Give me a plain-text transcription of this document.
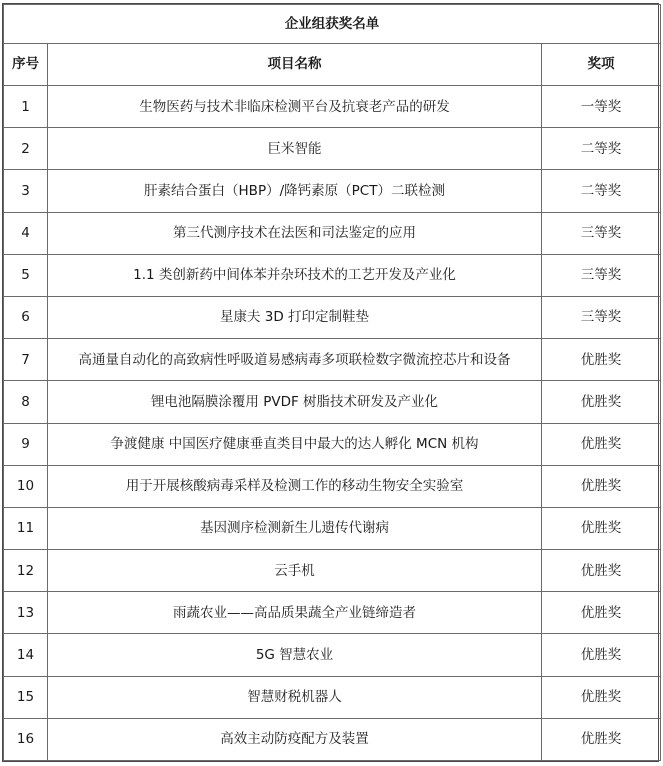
企业组获奖名单		
序号	项目名称	奖项
1	生物医药与技术非临床检测平台及抗衰老产品的研发	一等奖
2	巨米智能	二等奖
3	肝素结合蛋白（HBP）/降钙素原（PCT）二联检测	二等奖
4	第三代测序技术在法医和司法鉴定的应用	三等奖
5	1.1 类创新药中间体苯并杂环技术的工艺开发及产业化	三等奖
6	星康夫 3D 打印定制鞋垫	三等奖
7	高通量自动化的高致病性呼吸道易感病毒多项联检数字微流控芯片和设备	优胜奖
8	锂电池隔膜涂覆用 PVDF 树脂技术研发及产业化	优胜奖
9	争渡健康 中国医疗健康垂直类目中最大的达人孵化 MCN 机构	优胜奖
10	用于开展核酸病毒采样及检测工作的移动生物安全实验室	优胜奖
11	基因测序检测新生儿遗传代谢病	优胜奖
12	云手机	优胜奖
13	雨蔬农业——高品质果蔬全产业链缔造者	优胜奖
14	5G 智慧农业	优胜奖
15	智慧财税机器人	优胜奖
16	高效主动防疫配方及装置	优胜奖
